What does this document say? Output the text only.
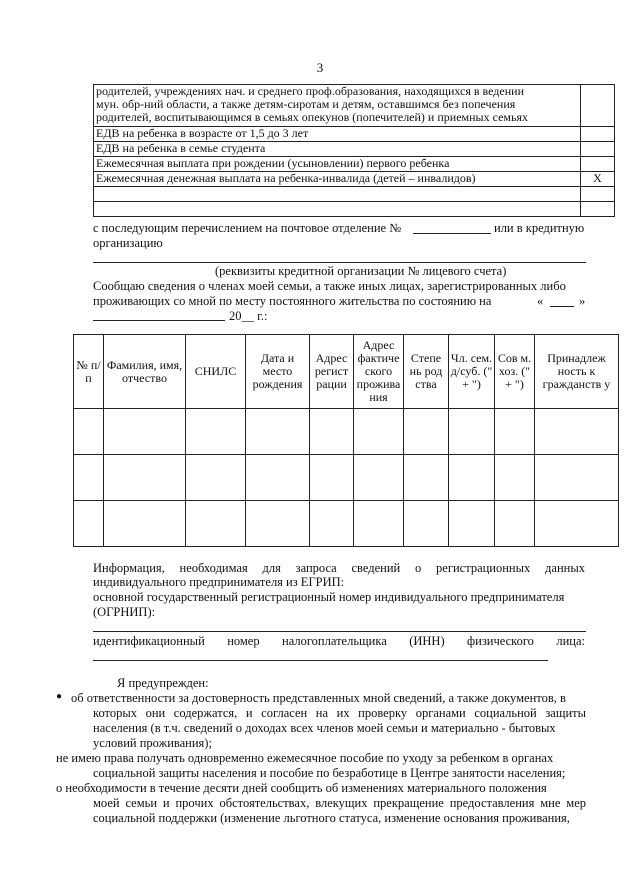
3
родителей, учреждениях нач. и среднего проф.образования, находящихся в ведении
мун. обр-ний области, а также детям-сиротам и детям, оставшимся без попечения
родителей, воспитывающимся в семьях опекунов (попечителей) и приемных семьях	

ЕДВ на ребенка в возрасте от 1,5 до 3 лет	
ЕДВ на ребенка в семье студента	
Ежемесячная выплата при рождении (усыновлении) первого ребенка	
Ежемесячная денежная выплата на ребенка-инвалида (детей – инвалидов)	Х

с последующим перечислением на почтовое отделение №	или в кредитную
организацию
(реквизиты кредитной организации № лицевого счета)
Сообщаю сведения о членах моей семьи, а также иных лицах, зарегистрированных либо
проживающих со мной по месту постоянного жительства по состоянию на	«	»
20__ г.:
№ п/п	Фамилия, имя, отчество	СНИЛС	Дата и место рождения	Адрес регист рации	Адрес фактиче ского прожива ния	Степе нь род ства	Чл. сем. д/суб. (" + ")	Сов м. хоз. (" + ")	Принадлеж ность к гражданств у

Информация, необходимая для запроса сведений о регистрационных данных
индивидуального предпринимателя из ЕГРИП:
основной государственный регистрационный номер индивидуального предпринимателя
(ОГРНИП):
идентификационный номер налогоплательщика (ИНН) физического лица:
Я предупрежден:
● об ответственности за достоверность представленных мной сведений, а также документов, в
которых они содержатся, и согласен на их проверку органами социальной защиты
населения (в т.ч. сведений о доходах всех членов моей семьи и материально - бытовых
условий проживания);
не имею права получать одновременно ежемесячное пособие по уходу за ребенком в органах
социальной защиты населения и пособие по безработице в Центре занятости населения;
о необходимости в течение десяти дней сообщить об изменениях материального положения
моей семьи и прочих обстоятельствах, влекущих прекращение предоставления мне мер
социальной поддержки (изменение льготного статуса, изменение основания проживания,
